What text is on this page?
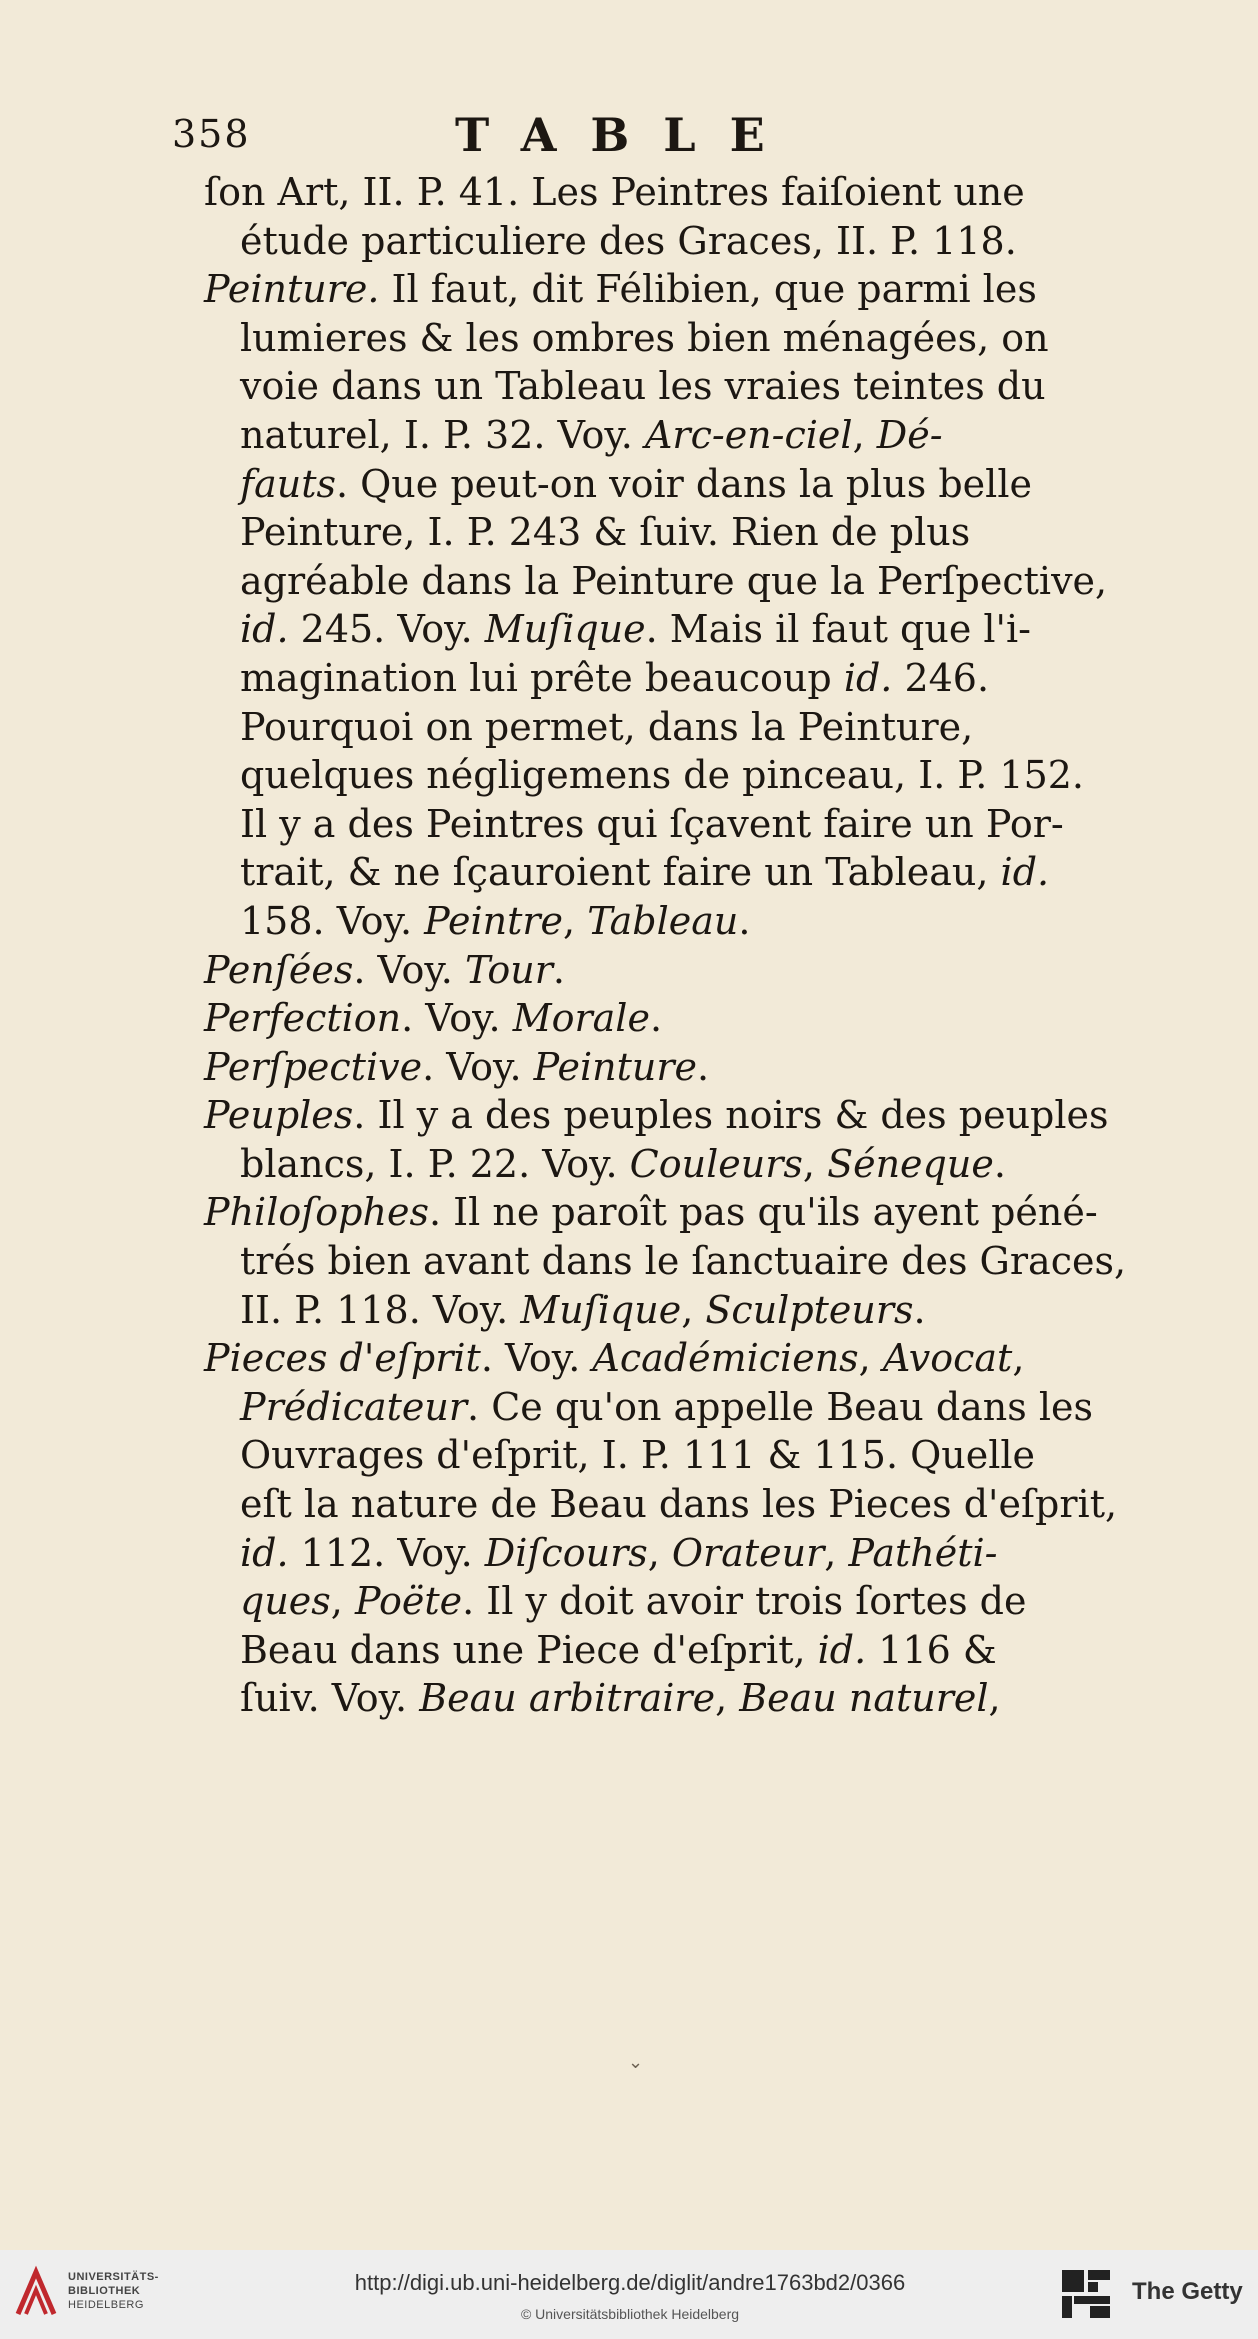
358	TABLE
ſon Art, II. P. 41. Les Peintres faiſoient une
étude particuliere des Graces, II. P. 118.
Peinture. Il faut, dit Félibien, que parmi les
lumieres & les ombres bien ménagées, on
voie dans un Tableau les vraies teintes du
naturel, I. P. 32. Voy. Arc-en-ciel, Dé-
fauts. Que peut-on voir dans la plus belle
Peinture, I. P. 243 & ſuiv. Rien de plus
agréable dans la Peinture que la Perſpective,
id. 245. Voy. Muſique. Mais il faut que l'i-
magination lui prête beaucoup id. 246.
Pourquoi on permet, dans la Peinture,
quelques négligemens de pinceau, I. P. 152.
Il y a des Peintres qui ſçavent faire un Por-
trait, & ne ſçauroient faire un Tableau, id.
158. Voy. Peintre, Tableau.
Penſées. Voy. Tour.
Perfection. Voy. Morale.
Perſpective. Voy. Peinture.
Peuples. Il y a des peuples noirs & des peuples
blancs, I. P. 22. Voy. Couleurs, Séneque.
Philoſophes. Il ne paroît pas qu'ils ayent péné-
trés bien avant dans le ſanctuaire des Graces,
II. P. 118. Voy. Muſique, Sculpteurs.
Pieces d'eſprit. Voy. Académiciens, Avocat,
Prédicateur. Ce qu'on appelle Beau dans les
Ouvrages d'eſprit, I. P. 111 & 115. Quelle
eſt la nature de Beau dans les Pieces d'eſprit,
id. 112. Voy. Diſcours, Orateur, Pathéti-
ques, Poëte. Il y doit avoir trois ſortes de
Beau dans une Piece d'eſprit, id. 116 &
ſuiv. Voy. Beau arbitraire, Beau naturel,
⌄
UNIVERSITÄTS-
BIBLIOTHEK
HEIDELBERG
http://digi.ub.uni-heidelberg.de/diglit/andre1763bd2/0366
© Universitätsbibliothek Heidelberg
The Getty
